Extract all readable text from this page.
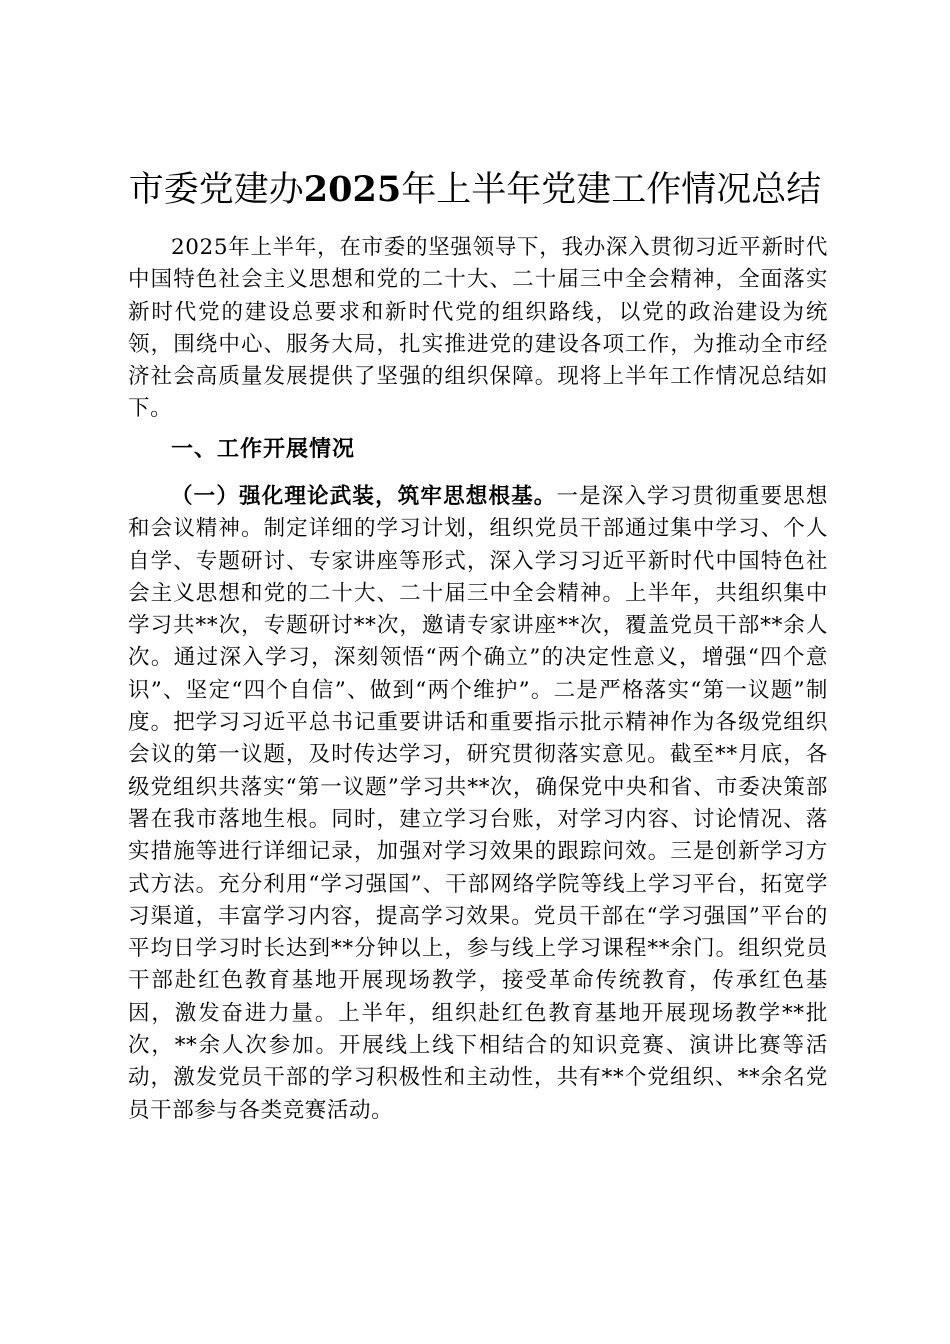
市委党建办2025年上半年党建工作情况总结

2025年上半年，在市委的坚强领导下，我办深入贯彻习近平新时代中国特色社会主义思想和党的二十大、二十届三中全会精神，全面落实新时代党的建设总要求和新时代党的组织路线，以党的政治建设为统领，围绕中心、服务大局，扎实推进党的建设各项工作，为推动全市经济社会高质量发展提供了坚强的组织保障。现将上半年工作情况总结如下。

一、工作开展情况

（一）强化理论武装，筑牢思想根基。一是深入学习贯彻重要思想和会议精神。制定详细的学习计划，组织党员干部通过集中学习、个人自学、专题研讨、专家讲座等形式，深入学习习近平新时代中国特色社会主义思想和党的二十大、二十届三中全会精神。上半年，共组织集中学习共**次，专题研讨**次，邀请专家讲座**次，覆盖党员干部**余人次。通过深入学习，深刻领悟“两个确立”的决定性意义，增强“四个意识”、坚定“四个自信”、做到“两个维护”。二是严格落实“第一议题”制度。把学习习近平总书记重要讲话和重要指示批示精神作为各级党组织会议的第一议题，及时传达学习，研究贯彻落实意见。截至**月底，各级党组织共落实“第一议题”学习共**次，确保党中央和省、市委决策部署在我市落地生根。同时，建立学习台账，对学习内容、讨论情况、落实措施等进行详细记录，加强对学习效果的跟踪问效。三是创新学习方式方法。充分利用“学习强国”、干部网络学院等线上学习平台，拓宽学习渠道，丰富学习内容，提高学习效果。党员干部在“学习强国”平台的平均日学习时长达到**分钟以上，参与线上学习课程**余门。组织党员干部赴红色教育基地开展现场教学，接受革命传统教育，传承红色基因，激发奋进力量。上半年，组织赴红色教育基地开展现场教学**批次，**余人次参加。开展线上线下相结合的知识竞赛、演讲比赛等活动，激发党员干部的学习积极性和主动性，共有**个党组织、**余名党员干部参与各类竞赛活动。
